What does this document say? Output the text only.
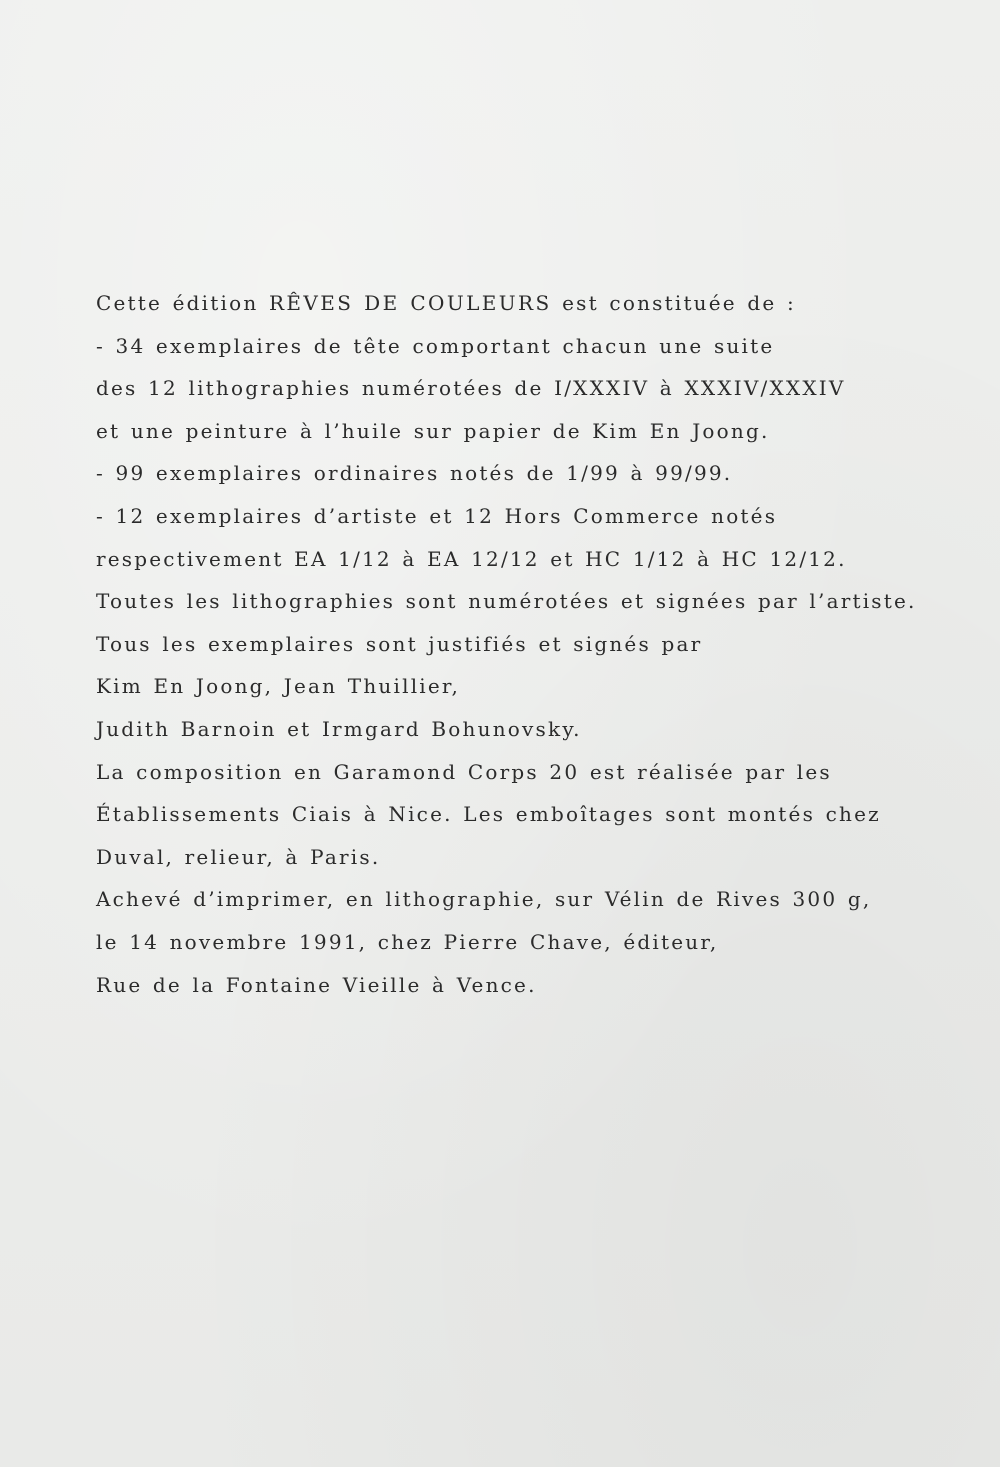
Cette édition RÊVES DE COULEURS est constituée de :
- 34 exemplaires de tête comportant chacun une suite
des 12 lithographies numérotées de I/XXXIV à XXXIV/XXXIV
et une peinture à l’huile sur papier de Kim En Joong.
- 99 exemplaires ordinaires notés de 1/99 à 99/99.
- 12 exemplaires d’artiste et 12 Hors Commerce notés
respectivement EA 1/12 à EA 12/12 et HC 1/12 à HC 12/12.
Toutes les lithographies sont numérotées et signées par l’artiste.
Tous les exemplaires sont justifiés et signés par
Kim En Joong, Jean Thuillier,
Judith Barnoin et Irmgard Bohunovsky.
La composition en Garamond Corps 20 est réalisée par les
Établissements Ciais à Nice. Les emboîtages sont montés chez
Duval, relieur, à Paris.
Achevé d’imprimer, en lithographie, sur Vélin de Rives 300 g,
le 14 novembre 1991, chez Pierre Chave, éditeur,
Rue de la Fontaine Vieille à Vence.
